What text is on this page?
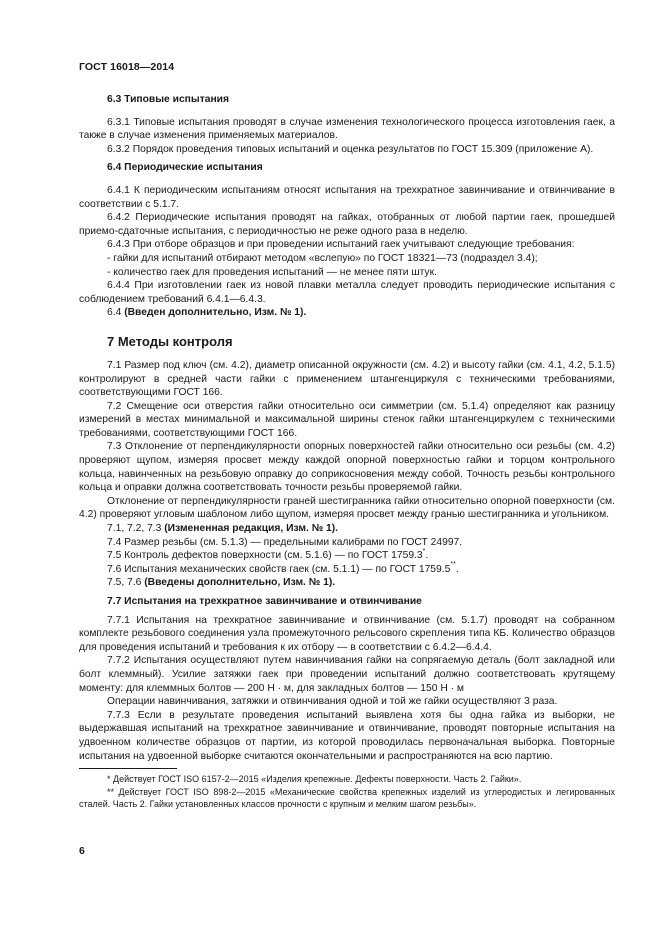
ГОСТ 16018—2014

6.3 Типовые испытания

6.3.1 Типовые испытания проводят в случае изменения технологического процесса изготовления гаек, а также в случае изменения применяемых материалов.

6.3.2 Порядок проведения типовых испытаний и оценка результатов по ГОСТ 15.309 (приложение А).

6.4 Периодические испытания

6.4.1 К периодическим испытаниям относят испытания на трехкратное завинчивание и отвинчивание в соответствии с 5.1.7.

6.4.2 Периодические испытания проводят на гайках, отобранных от любой партии гаек, прошедшей приемо-сдаточные испытания, с периодичностью не реже одного раза в неделю.

6.4.3 При отборе образцов и при проведении испытаний гаек учитывают следующие требования:

- гайки для испытаний отбирают методом «вслепую» по ГОСТ 18321—73 (подраздел 3.4);

- количество гаек для проведения испытаний — не менее пяти штук.

6.4.4 При изготовлении гаек из новой плавки металла следует проводить периодические испытания с соблюдением требований 6.4.1—6.4.3.

6.4 (Введен дополнительно, Изм. № 1).

7 Методы контроля

7.1 Размер под ключ (см. 4.2), диаметр описанной окружности (см. 4.2) и высоту гайки (см. 4.1, 4.2, 5.1.5) контролируют в средней части гайки с применением штангенциркуля с техническими требованиями, соответствующими ГОСТ 166.

7.2 Смещение оси отверстия гайки относительно оси симметрии (см. 5.1.4) определяют как разницу измерений в местах минимальной и максимальной ширины стенок гайки штангенциркулем с техническими требованиями, соответствующими ГОСТ 166.

7.3 Отклонение от перпендикулярности опорных поверхностей гайки относительно оси резьбы (см. 4.2) проверяют щупом, измеряя просвет между каждой опорной поверхностью гайки и торцом контрольного кольца, навинченных на резьбовую оправку до соприкосновения между собой. Точность резьбы контрольного кольца и оправки должна соответствовать точности резьбы проверяемой гайки.

Отклонение от перпендикулярности граней шестигранника гайки относительно опорной поверхности (см. 4.2) проверяют угловым шаблоном либо щупом, измеряя просвет между гранью шестигранника и угольником.

7.1, 7.2, 7.3 (Измененная редакция, Изм. № 1).

7.4 Размер резьбы (см. 5.1.3) — предельными калибрами по ГОСТ 24997.

7.5 Контроль дефектов поверхности (см. 5.1.6) — по ГОСТ 1759.3*.

7.6 Испытания механических свойств гаек (см. 5.1.1) — по ГОСТ 1759.5**.

7.5, 7.6 (Введены дополнительно, Изм. № 1).

7.7 Испытания на трехкратное завинчивание и отвинчивание

7.7.1 Испытания на трехкратное завинчивание и отвинчивание (см. 5.1.7) проводят на собранном комплекте резьбового соединения узла промежуточного рельсового скрепления типа КБ. Количество образцов для проведения испытаний и требования к их отбору — в соответствии с 6.4.2—6.4.4.

7.7.2 Испытания осуществляют путем навинчивания гайки на сопрягаемую деталь (болт закладной или болт клеммный). Усилие затяжки гаек при проведении испытаний должно соответствовать крутящему моменту: для клеммных болтов — 200 Н · м, для закладных болтов — 150 Н · м

Операции навинчивания, затяжки и отвинчивания одной и той же гайки осуществляют 3 раза.

7.7.3 Если в результате проведения испытаний выявлена хотя бы одна гайка из выборки, не выдержавшая испытаний на трехкратное завинчивание и отвинчивание, проводят повторные испытания на удвоенном количестве образцов от партии, из которой проводилась первоначальная выборка. Повторные испытания на удвоенной выборке считаются окончательными и распространяются на всю партию.

* Действует ГОСТ ISO 6157-2—2015 «Изделия крепежные. Дефекты поверхности. Часть 2. Гайки».

** Действует ГОСТ ISO 898-2—2015 «Механические свойства крепежных изделий из углеродистых и легированных сталей. Часть 2. Гайки установленных классов прочности с крупным и мелким шагом резьбы».

6
